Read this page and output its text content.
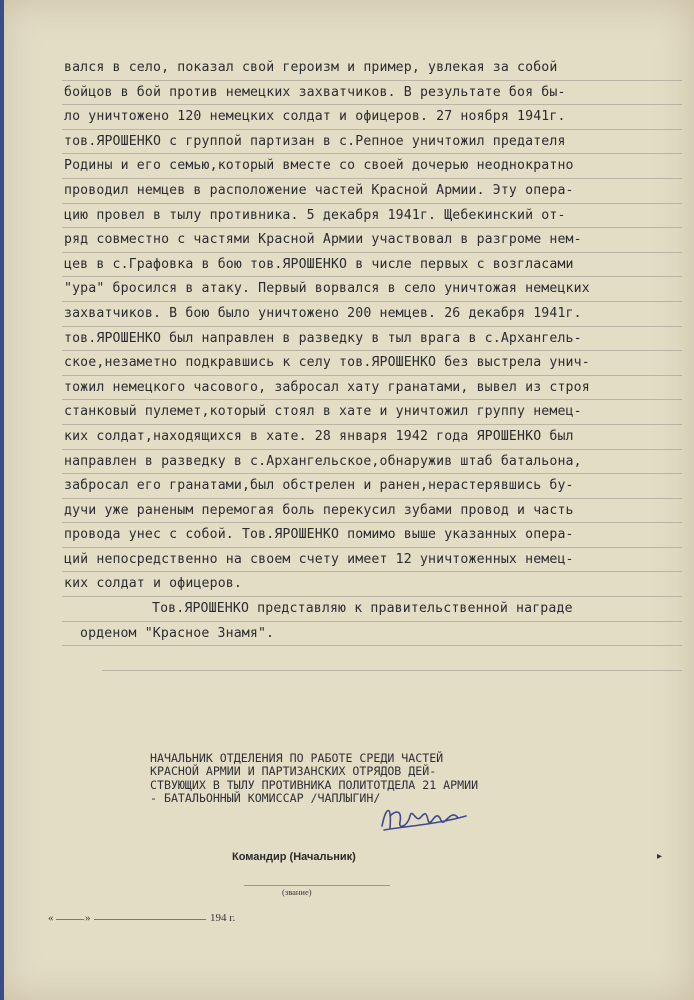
вался в село, показал свой героизм и пример, увлекая за собой
бойцов в бой против немецких захватчиков. В результате боя бы-
ло уничтожено 120 немецких солдат и офицеров. 27 ноября 1941г.
тов.ЯРОШЕНКО с группой партизан в с.Репное уничтожил предателя
Родины и его семью,который вместе со своей дочерью неоднократно
проводил немцев в расположение частей Красной Армии. Эту опера-
цию провел в тылу противника. 5 декабря 1941г. Щебекинский от-
ряд совместно с частями Красной Армии участвовал в разгроме нем-
цев в с.Графовка в бою тов.ЯРОШЕНКО в числе первых с возгласами
"ура" бросился в атаку. Первый ворвался в село уничтожая немецких
захватчиков. В бою было уничтожено 200 немцев. 26 декабря 1941г.
тов.ЯРОШЕНКО был направлен в разведку в тыл врага в с.Архангель-
ское,незаметно подкравшись к селу тов.ЯРОШЕНКО без выстрела унич-
тожил немецкого часового, забросал хату гранатами, вывел из строя
станковый пулемет,который стоял в хате и уничтожил группу немец-
ких солдат,находящихся в хате. 28 января 1942 года ЯРОШЕНКО был
направлен в разведку в с.Архангельское,обнаружив штаб батальона,
забросал его гранатами,был обстрелен и ранен,нерастерявшись бу-
дучи уже раненым перемогая боль перекусил зубами провод и часть
провода унес с собой. Тов.ЯРОШЕНКО помимо выше указанных опера-
ций непосредственно на своем счету имеет 12 уничтоженных немец-
ких солдат и офицеров.
Тов.ЯРОШЕНКО представляю к правительственной награде
орденом "Красное Знамя".
НАЧАЛЬНИК ОТДЕЛЕНИЯ ПО РАБОТЕ СРЕДИ ЧАСТЕЙ
КРАСНОЙ АРМИИ И ПАРТИЗАНСКИХ ОТРЯДОВ ДЕЙ-
СТВУЮЩИХ В ТЫЛУ ПРОТИВНИКА ПОЛИТОТДЕЛА 21 АРМИИ
- БАТАЛЬОННЫЙ КОМИССАР /ЧАПЛЫГИН/
Командир (Начальник)	▸
(звание)
«	»	194 г.
